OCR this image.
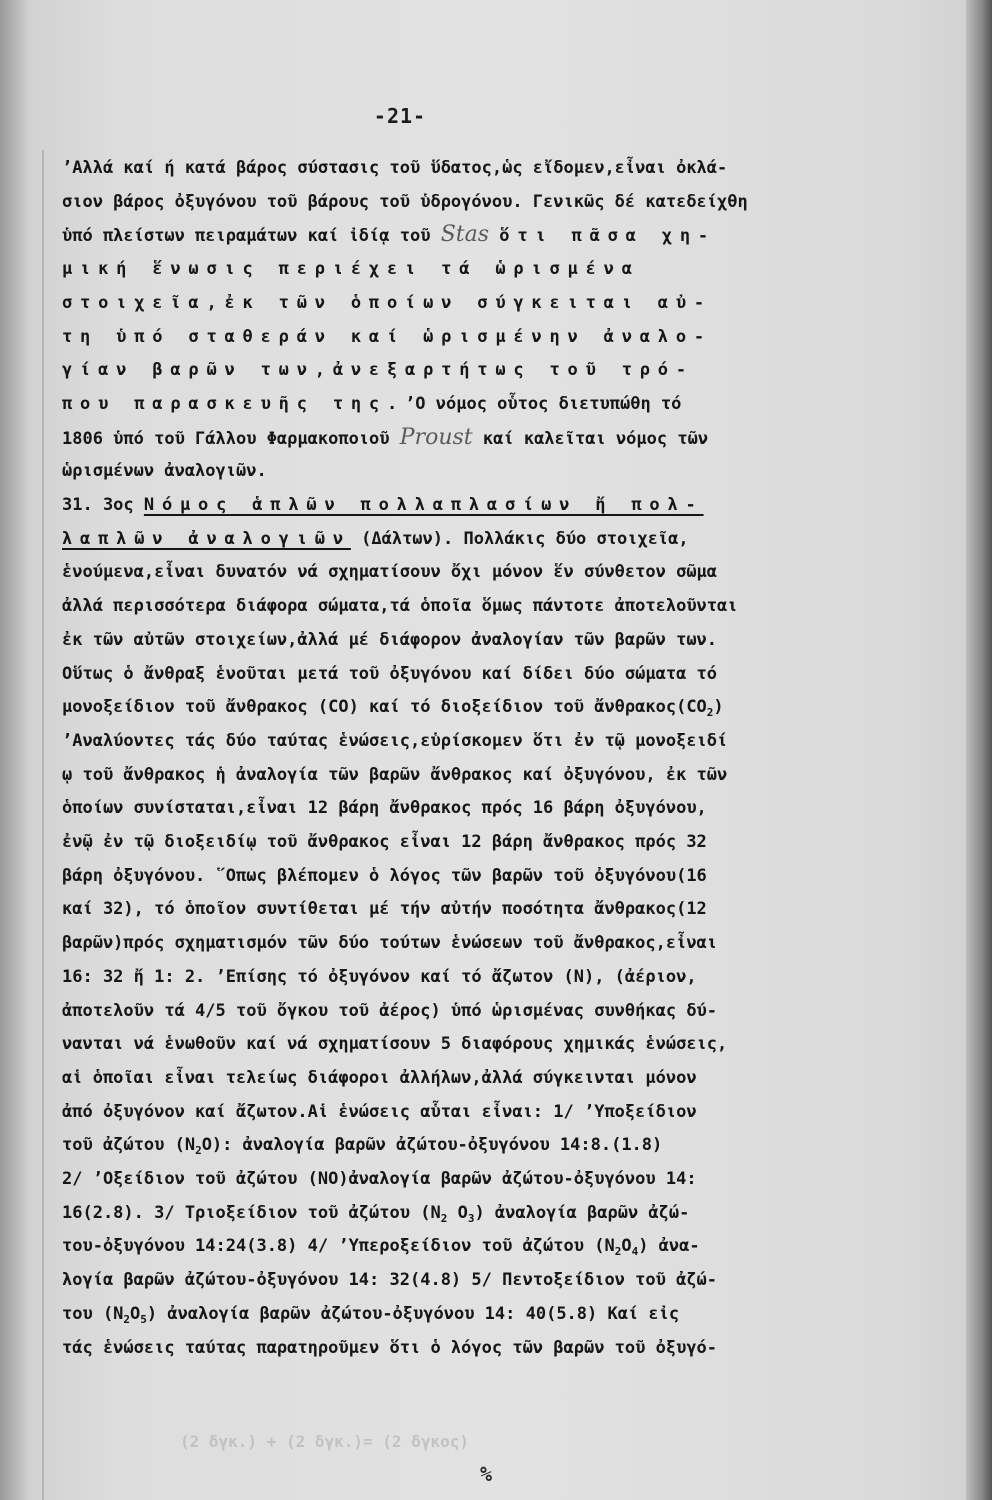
-21-
’Αλλά καί ή κατά βάρος σύστασις τοῦ ὕδατος,ὡς εἴδομεν,εἶναι ὀκλά-
σιον βάρος ὀξυγόνου τοῦ βάρους τοῦ ὑδρογόνου. Γενικῶς δέ κατεδείχθη
ὑπό πλείστων πειραμάτων καί ἰδίᾳ τοῦ Stas ὅτι πᾶσα χη-
μική ἕνωσις περιέχει τά ὡρισμένα
στοιχεῖα,ἐκ τῶν ὁποίων σύγκειται αὐ-
τη ὑπό σταθεράν καί ὡρισμένην ἀναλο-
γίαν βαρῶν των,ἀνεξαρτήτως τοῦ τρό-
που παρασκευῆς της.’Ο νόμος οὗτος διετυπώθη τό
1806 ὑπό τοῦ Γάλλου Φαρμακοποιοῦ Proust καί καλεῖται νόμος τῶν
ὡρισμένων ἀναλογιῶν.
31. 3ος Νόμος ἁπλῶν πολλαπλασίων ἤ πολ-
λαπλῶν ἀναλογιῶν (Δάλτων). Πολλάκις δύο στοιχεῖα,
ἑνούμενα,εἶναι δυνατόν νά σχηματίσουν ὄχι μόνον ἕν σύνθετον σῶμα
ἀλλά περισσότερα διάφορα σώματα,τά ὁποῖα ὅμως πάντοτε ἀποτελοῦνται
ἐκ τῶν αὐτῶν στοιχείων,ἀλλά μέ διάφορον ἀναλογίαν τῶν βαρῶν των.
Οὕτως ὁ ἄνθραξ ἑνοῦται μετά τοῦ ὀξυγόνου καί δίδει δύο σώματα τό
μονοξείδιον τοῦ ἄνθρακος (CO) καί τό διοξείδιον τοῦ $ἄ\nu\theta\rho\alpha\kappa o\varsigma(CO_2)$
’Αναλύοντες τάς δύο ταύτας ἑνώσεις,εὑρίσκομεν ὅτι ἐν τῷ μονοξειδί
ῳ τοῦ ἄνθρακος ἡ ἀναλογία τῶν βαρῶν ἄνθρακος καί ὀξυγόνου, ἐκ τῶν
ὁποίων συνίσταται,εἶναι 12 βάρη ἄνθρακος πρός 16 βάρη ὀξυγόνου,
ἐνῷ ἐν τῷ διοξειδίῳ τοῦ ἄνθρακος εἶναι 12 βάρη ἄνθρακος πρός 32
βάρη ὀξυγόνου. ῞Οπως βλέπομεν ὁ λόγος τῶν βαρῶν τοῦ ὀξυγόνου(16
καί 32), τό ὁποῖον συντίθεται μέ τήν αὐτήν ποσότητα ἄνθρακος(12
βαρῶν)πρός σχηματισμόν τῶν δύο τούτων ἑνώσεων τοῦ ἄνθρακος,εἶναι
16: 32 ἤ 1: 2. ’Επίσης τό ὀξυγόνον καί τό ἄζωτον (N), (ἀέριον,
ἀποτελοῦν τά 4/5 τοῦ ὄγκου τοῦ ἀέρος) ὑπό ὡρισμένας συνθήκας δύ-
νανται νά ἑνωθοῦν καί νά σχηματίσουν 5 διαφόρους χημικάς ἑνώσεις,
αἱ ὁποῖαι εἶναι τελείως διάφοροι ἀλλήλων,ἀλλά σύγκεινται μόνον
ἀπό ὀξυγόνον καί ἄζωτον.Αἱ ἑνώσεις αὗται εἶναι: 1/ ’Υποξείδιον
τοῦ ἀζώτου $(N_2O)$: ἀναλογία βαρῶν ἀζώτου-ὀξυγόνου 14:8.(1.8)
2/ ’Οξείδιον τοῦ ἀζώτου (NO)ἀναλογία βαρῶν ἀζώτου-ὀξυγόνου 14:
16(2.8). 3/ Τριοξείδιον τοῦ ἀζώτου ($N_2$ $O_3$) ἀναλογία βαρῶν ἀζώ-
του-ὀξυγόνου 14:24(3.8) 4/ ’Υπεροξείδιον τοῦ ἀζώτου $(N_2O_4)$ ἀνα-
λογία βαρῶν ἀζώτου-ὀξυγόνου 14: 32(4.8) 5/ Πεντοξείδιον τοῦ ἀζώ-
του $(N_2O_5)$ ἀναλογία βαρῶν ἀζώτου-ὀξυγόνου 14: 40(5.8) Καί εἰς
τάς ἑνώσεις ταύτας παρατηροῦμεν ὅτι ὁ λόγος τῶν βαρῶν τοῦ ὀξυγό-
(2 δγκ.) + (2 δγκ.)= (2 δγκος)
%
